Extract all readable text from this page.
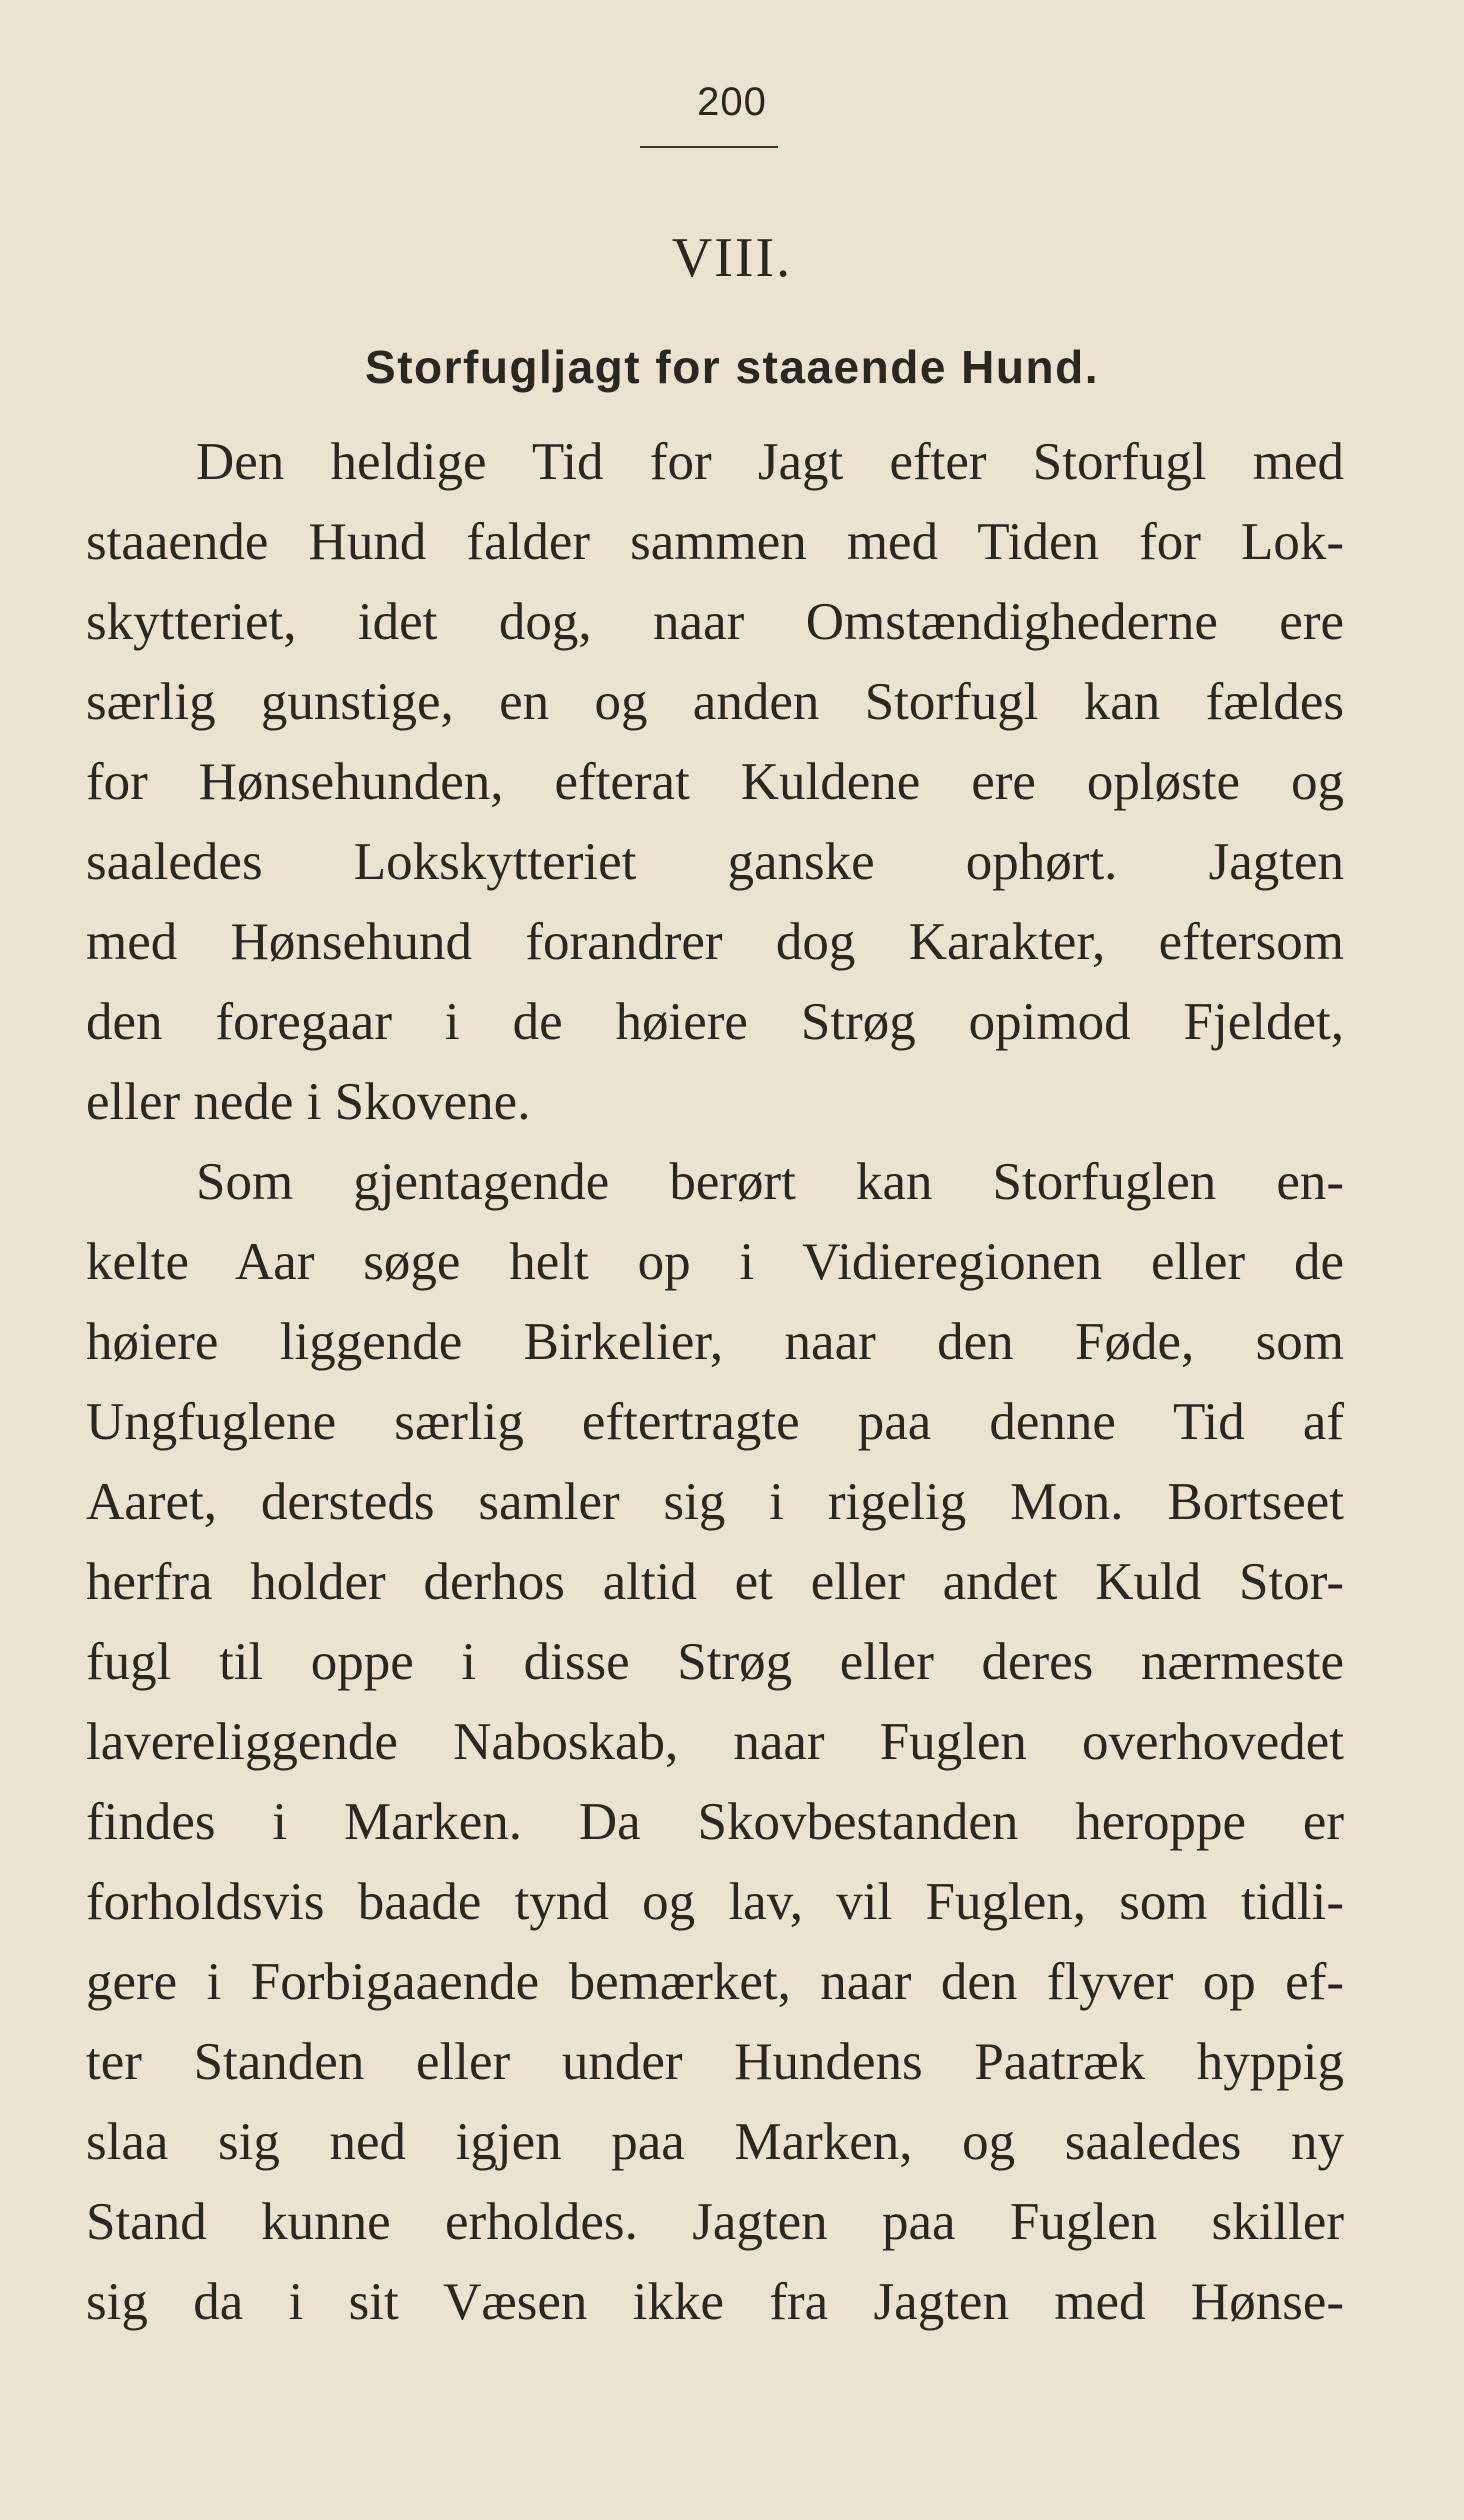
200
VIII.
Storfugljagt for staaende Hund.
Den heldige Tid for Jagt efter Storfugl med
staaende Hund falder sammen med Tiden for Lok-
skytteriet, idet dog, naar Omstændighederne ere
særlig gunstige, en og anden Storfugl kan fældes
for Hønsehunden, efterat Kuldene ere opløste og
saaledes Lokskytteriet ganske ophørt. Jagten
med Hønsehund forandrer dog Karakter, eftersom
den foregaar i de høiere Strøg opimod Fjeldet,
eller nede i Skovene.
Som gjentagende berørt kan Storfuglen en-
kelte Aar søge helt op i Vidieregionen eller de
høiere liggende Birkelier, naar den Føde, som
Ungfuglene særlig eftertragte paa denne Tid af
Aaret, dersteds samler sig i rigelig Mon. Bortseet
herfra holder derhos altid et eller andet Kuld Stor-
fugl til oppe i disse Strøg eller deres nærmeste
lavereliggende Naboskab, naar Fuglen overhovedet
findes i Marken. Da Skovbestanden heroppe er
forholdsvis baade tynd og lav, vil Fuglen, som tidli-
gere i Forbigaaende bemærket, naar den flyver op ef-
ter Standen eller under Hundens Paatræk hyppig
slaa sig ned igjen paa Marken, og saaledes ny
Stand kunne erholdes. Jagten paa Fuglen skiller
sig da i sit Væsen ikke fra Jagten med Hønse-
